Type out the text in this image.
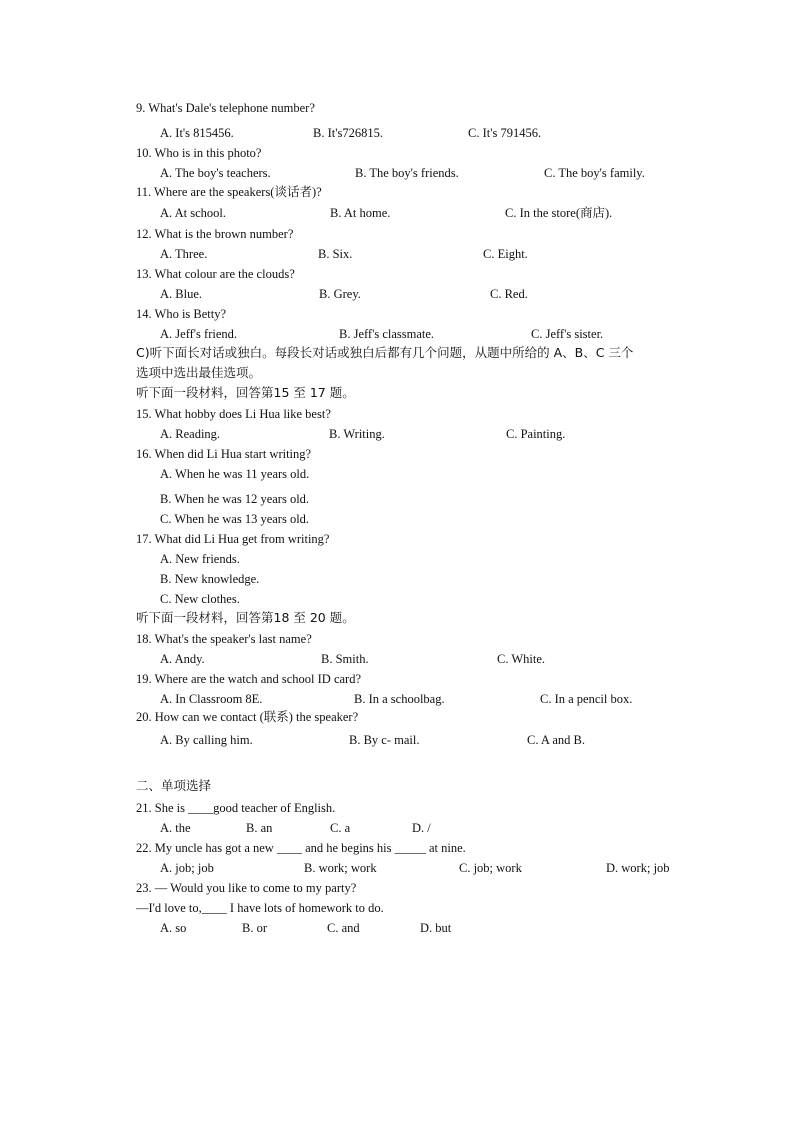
9. What's Dale's telephone number?
A. It's 815456.	B. It's726815.	C. It's 791456.
10. Who is in this photo?
A. The boy's teachers.	B. The boy's friends.	C. The boy's family.
11. Where are the speakers(谈话者)?
A. At school.	B. At home.	C. In the store(商店).
12. What is the brown number?
A. Three.	B. Six.	C. Eight.
13. What colour are the clouds?
A. Blue.	B. Grey.	C. Red.
14. Who is Betty?
A. Jeff's friend.	B. Jeff's classmate.	C. Jeff's sister.
C)听下面长对话或独白。每段长对话或独白后都有几个问题，从题中所给的 A、B、C 三个
选项中选出最佳选项。
听下面一段材料，回答第15 至 17 题。
15. What hobby does Li Hua like best?
A. Reading.	B. Writing.	C. Painting.
16. When did Li Hua start writing?
A. When he was 11 years old.
B. When he was 12 years old.
C. When he was 13 years old.
17. What did Li Hua get from writing?
A. New friends.
B. New knowledge.
C. New clothes.
听下面一段材料，回答第18 至 20 题。
18. What's the speaker's last name?
A. Andy.	B. Smith.	C. White.
19. Where are the watch and school ID card?
A. In Classroom 8E.	B. In a schoolbag.	C. In a pencil box.
20. How can we contact (联系) the speaker?
A. By calling him.	B. By c- mail.	C. A and B.
二、单项选择
21. She is ____good teacher of English.
A. the	B. an	C. a	D. /
22. My uncle has got a new ____ and he begins his _____ at nine.
A. job; job	B. work; work	C. job; work	D. work; job
23. — Would you like to come to my party?
—I'd love to,____ I have lots of homework to do.
A. so	B. or	C. and	D. but
